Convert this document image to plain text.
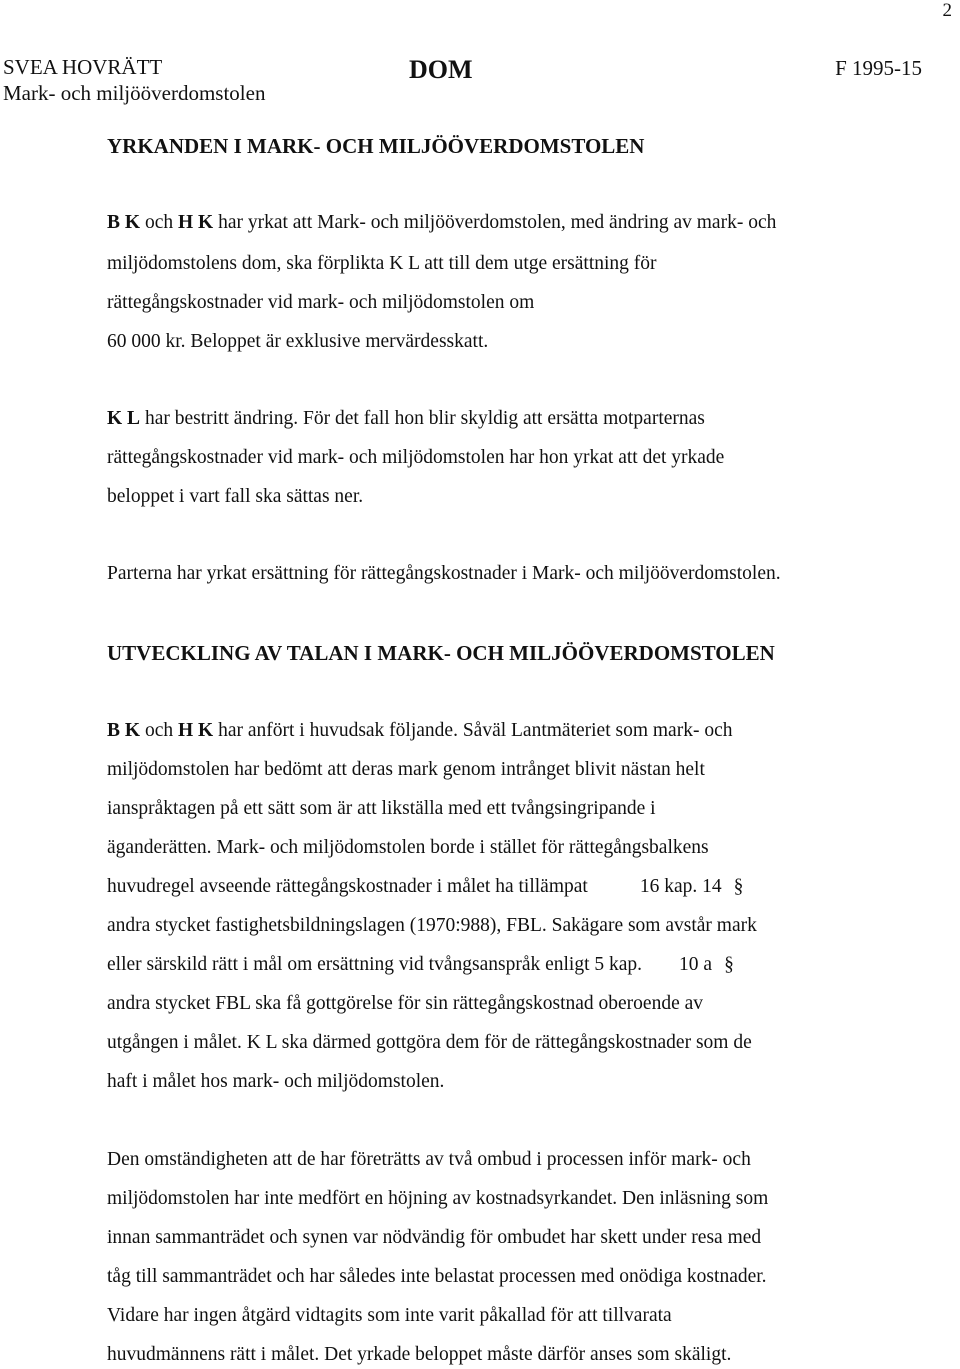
2
SVEA HOVRÄTT
Mark- och miljööverdomstolen
DOM	F 1995-15
YRKANDEN I MARK- OCH MILJÖÖVERDOMSTOLEN
B K och H K har yrkat att Mark- och miljööverdomstolen, med ändring av mark- och
miljödomstolens dom, ska förplikta K L att till dem utge ersättning för
rättegångskostnader vid mark- och miljödomstolen om
60 000 kr. Beloppet är exklusive mervärdesskatt.
K L har bestritt ändring. För det fall hon blir skyldig att ersätta motparternas
rättegångskostnader vid mark- och miljödomstolen har hon yrkat att det yrkade
beloppet i vart fall ska sättas ner.
Parterna har yrkat ersättning för rättegångskostnader i Mark- och miljööverdomstolen.
UTVECKLING AV TALAN I MARK- OCH MILJÖÖVERDOMSTOLEN
B K och H K har anfört i huvudsak följande. Såväl Lantmäteriet som mark- och
miljödomstolen har bedömt att deras mark genom intrånget blivit nästan helt
ianspråktagen på ett sätt som är att likställa med ett tvångsingripande i
äganderätten. Mark- och miljödomstolen borde i stället för rättegångsbalkens
huvudregel avseende rättegångskostnader i målet ha tillämpat	16 kap. 14 §
andra stycket fastighetsbildningslagen (1970:988), FBL. Sakägare som avstår mark
eller särskild rätt i mål om ersättning vid tvångsanspråk enligt 5 kap. 10 a §
andra stycket FBL ska få gottgörelse för sin rättegångskostnad oberoende av
utgången i målet. K L ska därmed gottgöra dem för de rättegångskostnader som de
haft i målet hos mark- och miljödomstolen.
Den omständigheten att de har företrätts av två ombud i processen inför mark- och
miljödomstolen har inte medfört en höjning av kostnadsyrkandet. Den inläsning som
innan sammanträdet och synen var nödvändig för ombudet har skett under resa med
tåg till sammanträdet och har således inte belastat processen med onödiga kostnader.
Vidare har ingen åtgärd vidtagits som inte varit påkallad för att tillvarata
huvudmännens rätt i målet. Det yrkade beloppet måste därför anses som skäligt.
